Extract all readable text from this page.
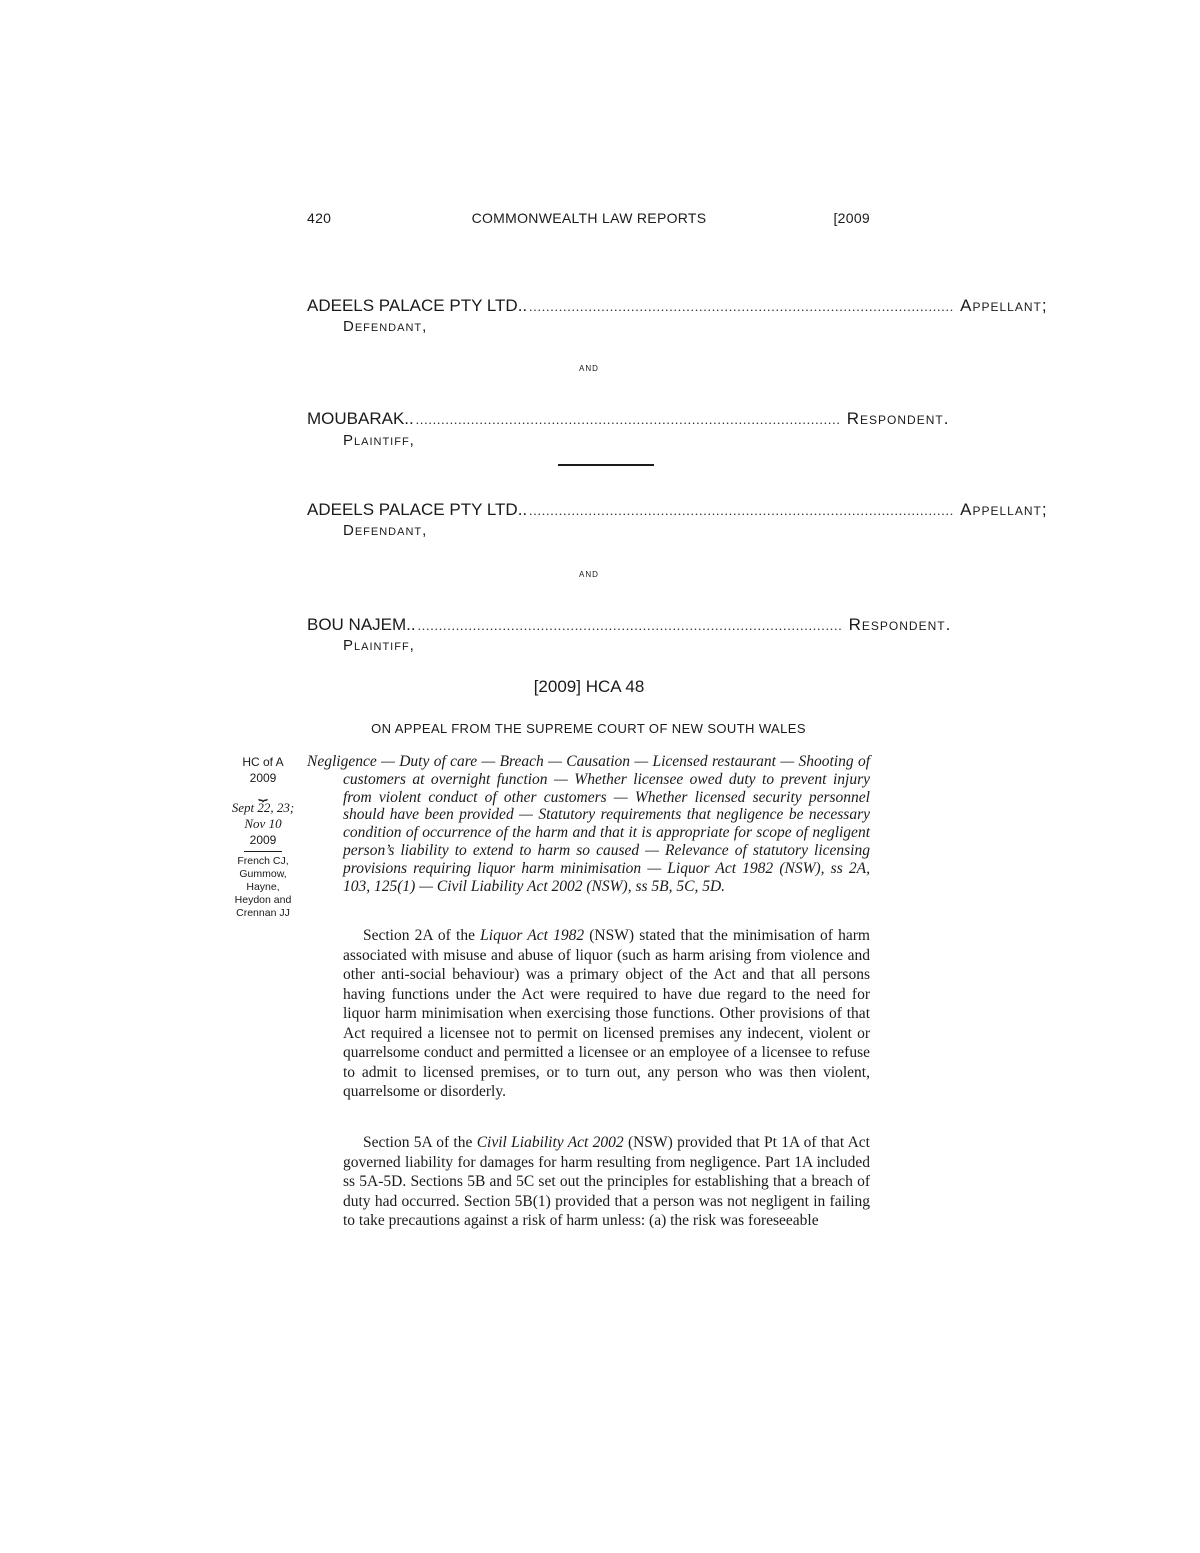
420	COMMONWEALTH LAW REPORTS	[2009
ADEELS PALACE PTY LTD.. .................................................................................................... Appellant;
Defendant,
and
MOUBARAK.. .................................................................................................... Respondent.
Plaintiff,
ADEELS PALACE PTY LTD.. .................................................................................................... Appellant;
Defendant,
and
BOU NAJEM.. .................................................................................................... Respondent.
Plaintiff,
[2009] HCA 48
ON APPEAL FROM THE SUPREME COURT OF NEW SOUTH WALES
HC of A
2009
⏟
Sept 22, 23;
Nov 10
2009
French CJ,
Gummow,
Hayne,
Heydon and
Crennan JJ
Negligence — Duty of care — Breach — Causation — Licensed restaurant — Shooting of customers at overnight function — Whether licensee owed duty to prevent injury from violent conduct of other customers — Whether licensed security personnel should have been provided — Statutory requirements that negligence be necessary condition of occurrence of the harm and that it is appropriate for scope of negligent person’s liability to extend to harm so caused — Relevance of statutory licensing provisions requiring liquor harm minimisation — Liquor Act 1982 (NSW), ss 2A, 103, 125(1) — Civil Liability Act 2002 (NSW), ss 5B, 5C, 5D.
Section 2A of the Liquor Act 1982 (NSW) stated that the minimisation of harm associated with misuse and abuse of liquor (such as harm arising from violence and other anti-social behaviour) was a primary object of the Act and that all persons having functions under the Act were required to have due regard to the need for liquor harm minimisation when exercising those functions. Other provisions of that Act required a licensee not to permit on licensed premises any indecent, violent or quarrelsome conduct and permitted a licensee or an employee of a licensee to refuse to admit to licensed premises, or to turn out, any person who was then violent, quarrelsome or disorderly.
Section 5A of the Civil Liability Act 2002 (NSW) provided that Pt 1A of that Act governed liability for damages for harm resulting from negligence. Part 1A included ss 5A-5D. Sections 5B and 5C set out the principles for establishing that a breach of duty had occurred. Section 5B(1) provided that a person was not negligent in failing to take precautions against a risk of harm unless: (a) the risk was foreseeable
